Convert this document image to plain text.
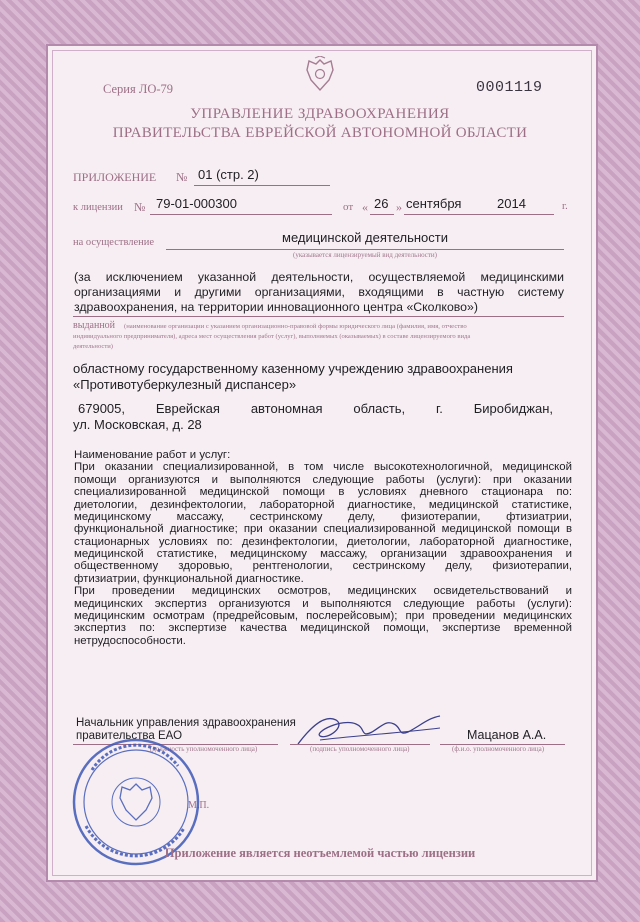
Серия ЛО-79	0001119
УПРАВЛЕНИЕ ЗДРАВООХРАНЕНИЯ
ПРАВИТЕЛЬСТВА ЕВРЕЙСКОЙ АВТОНОМНОЙ ОБЛАСТИ
ПРИЛОЖЕНИЕ № 01 (стр. 2)
к лицензии № 79-01-000300	от « 26 » сентября	2014	г.
на осуществление	медицинской деятельности
(указывается лицензируемый вид деятельности)
(за исключением указанной деятельности, осуществляемой медицинскими
организациями и другими организациями, входящими в частную систему
здравоохранения, на территории инновационного центра «Сколково»)
выданной (наименование организации с указанием организационно-правовой формы юридического лица (фамилия, имя, отчество
индивидуального предпринимателя), адреса мест осуществления работ (услуг), выполняемых (оказываемых) в составе лицензируемого вида
деятельности)
областному государственному казенному учреждению здравоохранения
«Противотуберкулезный диспансер»
679005, Еврейская автономная область, г. Биробиджан,
ул. Московская, д. 28
Наименование работ и услуг:
При оказании специализированной, в том числе высокотехнологичной, медицинской
помощи организуются и выполняются следующие работы (услуги): при оказании
специализированной медицинской помощи в условиях дневного стационара по:
диетологии, дезинфектологии, лабораторной диагностике, медицинской статистике,
медицинскому массажу, сестринскому делу, физиотерапии, фтизиатрии,
функциональной диагностике; при оказании специализированной медицинской помощи в
стационарных условиях по: дезинфектологии, диетологии, лабораторной диагностике,
медицинской статистике, медицинскому массажу, организации здравоохранения и
общественному здоровью, рентгенологии, сестринскому делу, физиотерапии,
фтизиатрии, функциональной диагностике.
При проведении медицинских осмотров, медицинских освидетельствований и
медицинских экспертиз организуются и выполняются следующие работы (услуги):
медицинским осмотрам (предрейсовым, послерейсовым); при проведении медицинских
экспертиз по: экспертизе качества медицинской помощи, экспертизе временной
нетрудоспособности.
Начальник управления здравоохранения
правительства ЕАО
(должность уполномоченного лица)	(подпись уполномоченного лица)
Мацанов А.А.
(ф.и.о. уполномоченного лица)
М.П.
Приложение является неотъемлемой частью лицензии
